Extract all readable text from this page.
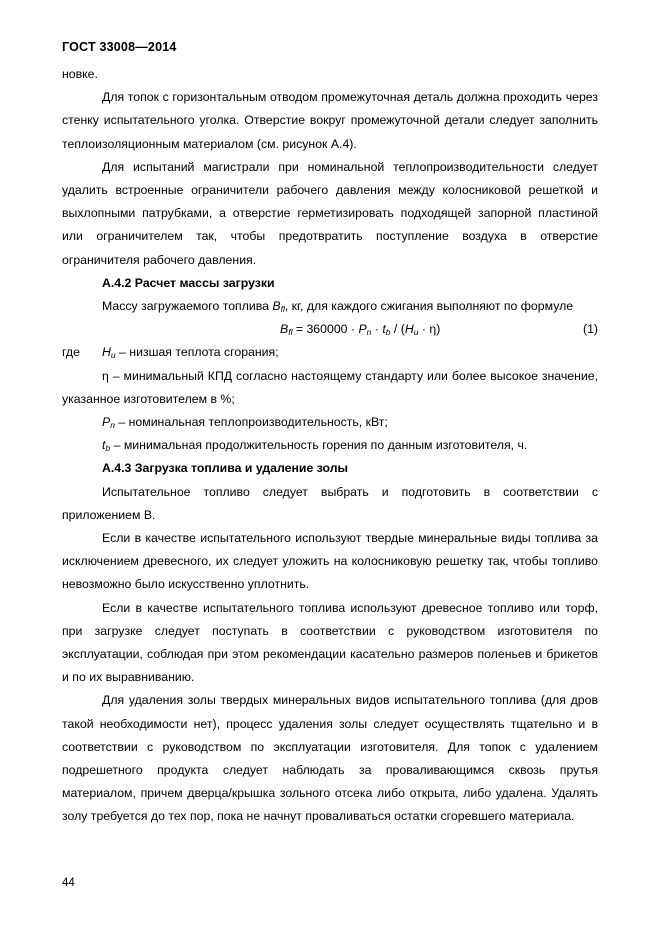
ГОСТ 33008—2014

новке.

Для топок с горизонтальным отводом промежуточная деталь должна проходить через стенку испытательного уголка. Отверстие вокруг промежуточной детали следует заполнить теплоизоляционным материалом (см. рисунок А.4).

Для испытаний магистрали при номинальной теплопроизводительности следует удалить встроенные ограничители рабочего давления между колосниковой решеткой и выхлопными патрубками, а отверстие герметизировать подходящей запорной пластиной или ограничителем так, чтобы предотвратить поступление воздуха в отверстие ограничителя рабочего давления.

А.4.2 Расчет массы загрузки

Массу загружаемого топлива $B_{fl}$, кг, для каждого сжигания выполняют по формуле

$B_{fl} = 360000 \cdot P_n \cdot t_b / (H_u \cdot \eta)$	(1)
где	$H_u$ – низшая теплота сгорания;

η – минимальный КПД согласно настоящему стандарту или более высокое значение, указанное изготовителем в %;

$P_n$ – номинальная теплопроизводительность, кВт;

$t_b$ – минимальная продолжительность горения по данным изготовителя, ч.

А.4.3 Загрузка топлива и удаление золы

Испытательное топливо следует выбрать и подготовить в соответствии с приложением В.

Если в качестве испытательного используют твердые минеральные виды топлива за исключением древесного, их следует уложить на колосниковую решетку так, чтобы топливо невозможно было искусственно уплотнить.

Если в качестве испытательного топлива используют древесное топливо или торф, при загрузке следует поступать в соответствии с руководством изготовителя по эксплуатации, соблюдая при этом рекомендации касательно размеров поленьев и брикетов и по их выравниванию.

Для удаления золы твердых минеральных видов испытательного топлива (для дров такой необходимости нет), процесс удаления золы следует осуществлять тщательно и в соответствии с руководством по эксплуатации изготовителя. Для топок с удалением подрешетного продукта следует наблюдать за проваливающимся сквозь прутья материалом, причем дверца/крышка зольного отсека либо открыта, либо удалена. Удалять золу требуется до тех пор, пока не начнут проваливаться остатки сгоревшего материала.

44
